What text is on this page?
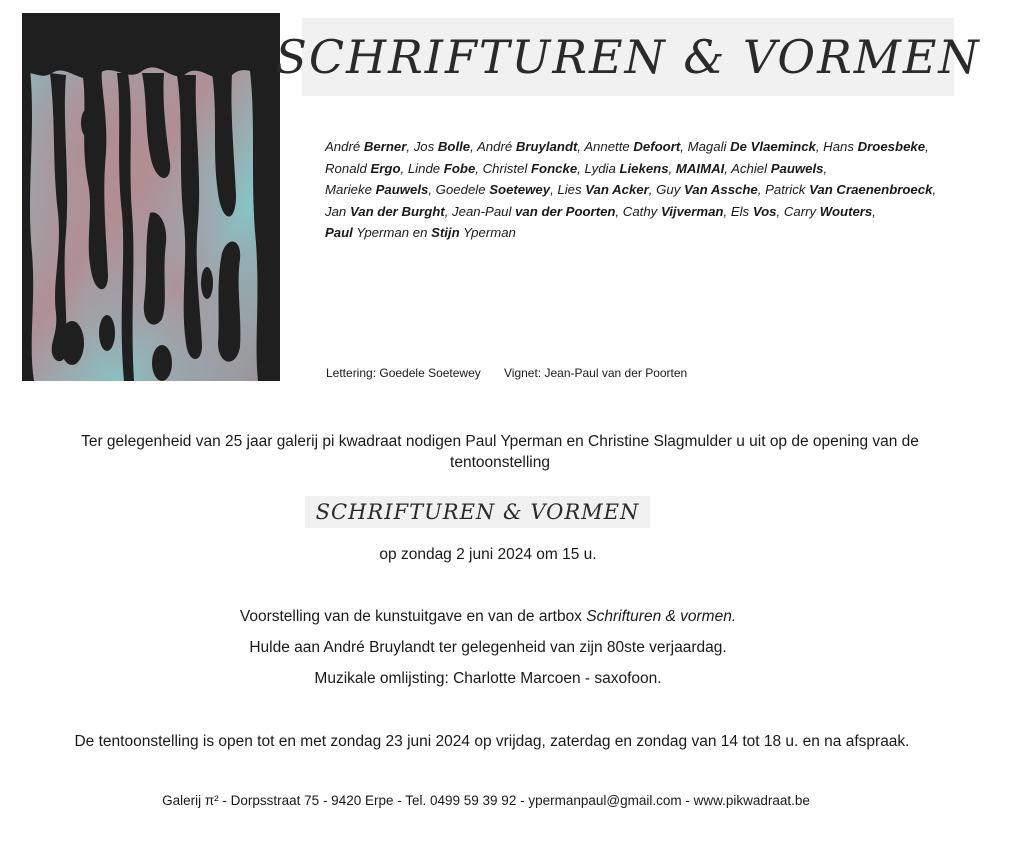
SCHRIFTUREN & VORMEN
André Berner, Jos Bolle, André Bruylandt, Annette Defoort, Magali De Vlaeminck, Hans Droesbeke,
Ronald Ergo, Linde Fobe, Christel Foncke, Lydia Liekens, MAIMAI, Achiel Pauwels,
Marieke Pauwels, Goedele Soetewey, Lies Van Acker, Guy Van Assche, Patrick Van Craenenbroeck,
Jan Van der Burght, Jean-Paul van der Poorten, Cathy Vijverman, Els Vos, Carry Wouters,
Paul Yperman en Stijn Yperman
Lettering: Goedele Soetewey Vignet: Jean-Paul van der Poorten
Ter gelegenheid van 25 jaar galerij pi kwadraat nodigen Paul Yperman en Christine Slagmulder u uit op de opening van de tentoonstelling
SCHRIFTUREN & VORMEN
op zondag 2 juni 2024 om 15 u.
Voorstelling van de kunstuitgave en van de artbox Schrifturen & vormen.
Hulde aan André Bruylandt ter gelegenheid van zijn 80ste verjaardag.
Muzikale omlijsting: Charlotte Marcoen - saxofoon.
De tentoonstelling is open tot en met zondag 23 juni 2024 op vrijdag, zaterdag en zondag van 14 tot 18 u. en na afspraak.
Galerij π² - Dorpsstraat 75 - 9420 Erpe - Tel. 0499 59 39 92 - ypermanpaul@gmail.com - www.pikwadraat.be
